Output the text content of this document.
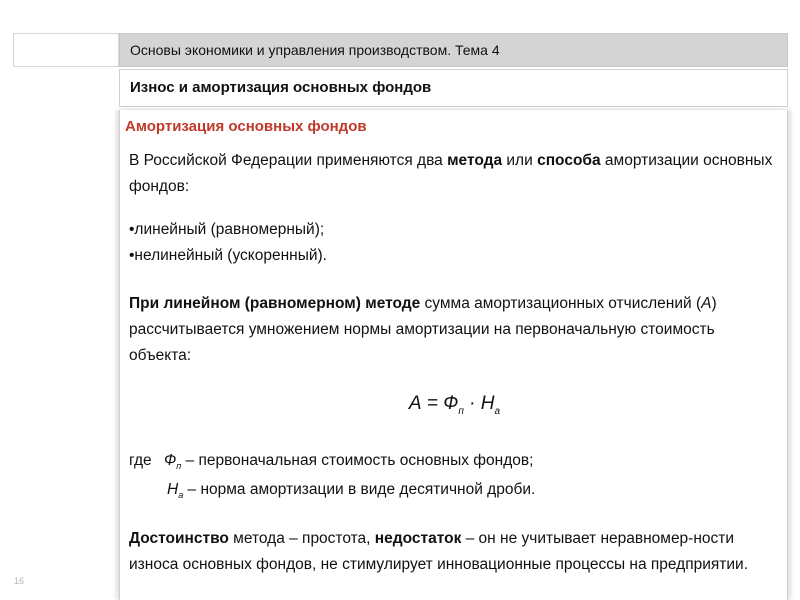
Основы экономики и управления производством. Тема 4
Износ и амортизация основных фондов
Амортизация основных фондов
В Российской Федерации применяются два метода или способа амортизации основных фондов:
•линейный (равномерный);
•нелинейный (ускоренный).
При линейном (равномерном) методе сумма амортизационных отчислений (А) рассчитывается умножением нормы амортизации на первоначальную стоимость объекта:
$А = Ф_п \cdot Н_а$
где $Ф_п$ – первоначальная стоимость основных фондов;
$Н_а$ – норма амортизации в виде десятичной дроби.
Достоинство метода – простота, недостаток – он не учитывает неравномер-ности износа основных фондов, не стимулирует инновационные процессы на предприятии.
16
